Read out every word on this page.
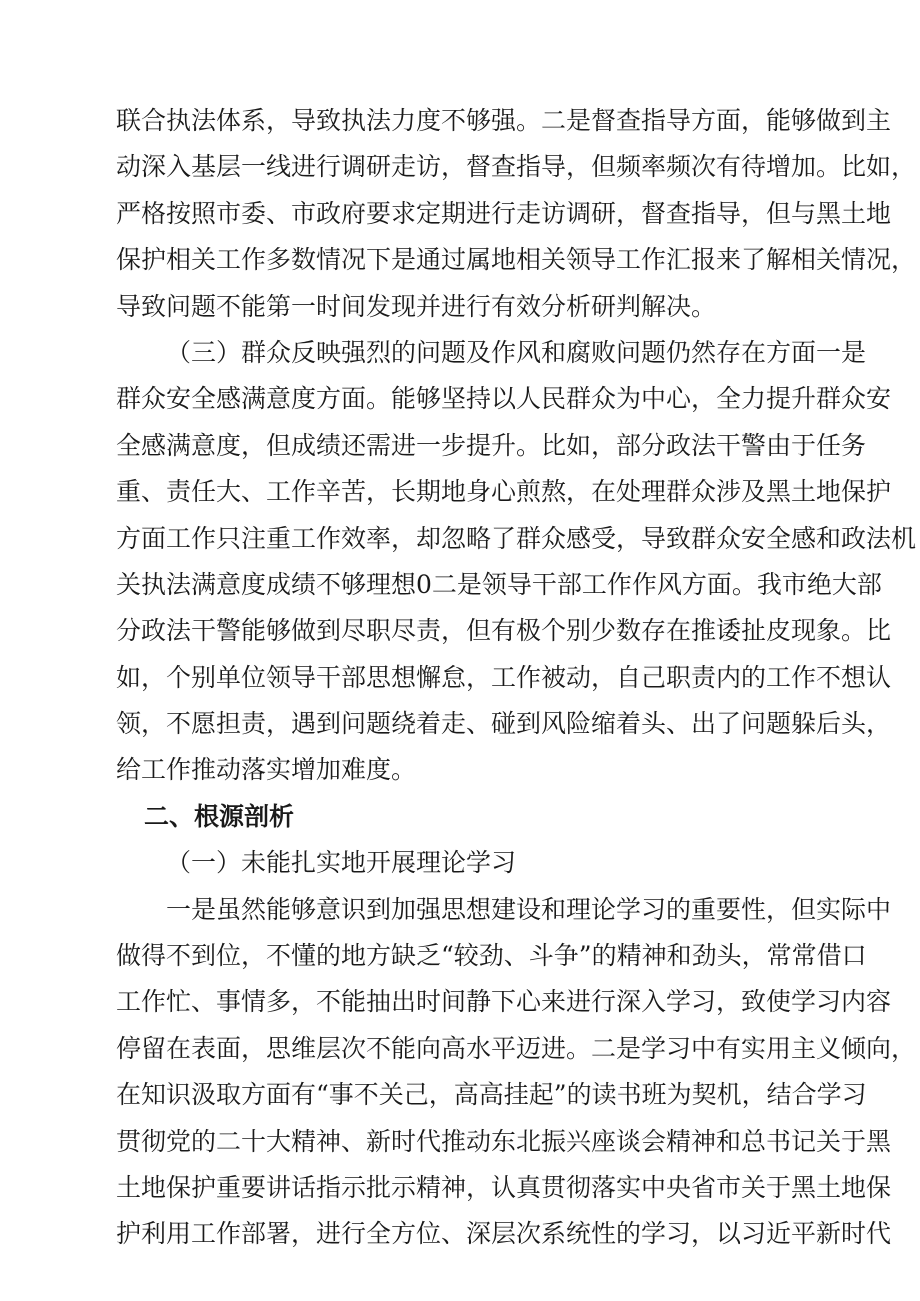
联合执法体系，导致执法力度不够强。二是督查指导方面，能够做到主
动深入基层一线进行调研走访，督查指导，但频率频次有待增加。比如，
严格按照市委、市政府要求定期进行走访调研，督查指导，但与黑土地
保护相关工作多数情况下是通过属地相关领导工作汇报来了解相关情况，
导致问题不能第一时间发现并进行有效分析研判解决。
（三）群众反映强烈的问题及作风和腐败问题仍然存在方面一是
群众安全感满意度方面。能够坚持以人民群众为中心，全力提升群众安
全感满意度，但成绩还需进一步提升。比如，部分政法干警由于任务
重、责任大、工作辛苦，长期地身心煎熬，在处理群众涉及黑土地保护
方面工作只注重工作效率，却忽略了群众感受，导致群众安全感和政法机
关执法满意度成绩不够理想0二是领导干部工作作风方面。我市绝大部
分政法干警能够做到尽职尽责，但有极个别少数存在推诿扯皮现象。比
如，个别单位领导干部思想懈怠，工作被动，自己职责内的工作不想认
领，不愿担责，遇到问题绕着走、碰到风险缩着头、出了问题躲后头，
给工作推动落实增加难度。
二、根源剖析
（一）未能扎实地开展理论学习
一是虽然能够意识到加强思想建设和理论学习的重要性，但实际中
做得不到位，不懂的地方缺乏“较劲、斗争”的精神和劲头，常常借口
工作忙、事情多，不能抽出时间静下心来进行深入学习，致使学习内容
停留在表面，思维层次不能向高水平迈进。二是学习中有实用主义倾向，
在知识汲取方面有“事不关己，高高挂起”的读书班为契机，结合学习
贯彻党的二十大精神、新时代推动东北振兴座谈会精神和总书记关于黑
土地保护重要讲话指示批示精神，认真贯彻落实中央省市关于黑土地保
护利用工作部署，进行全方位、深层次系统性的学习，以习近平新时代
